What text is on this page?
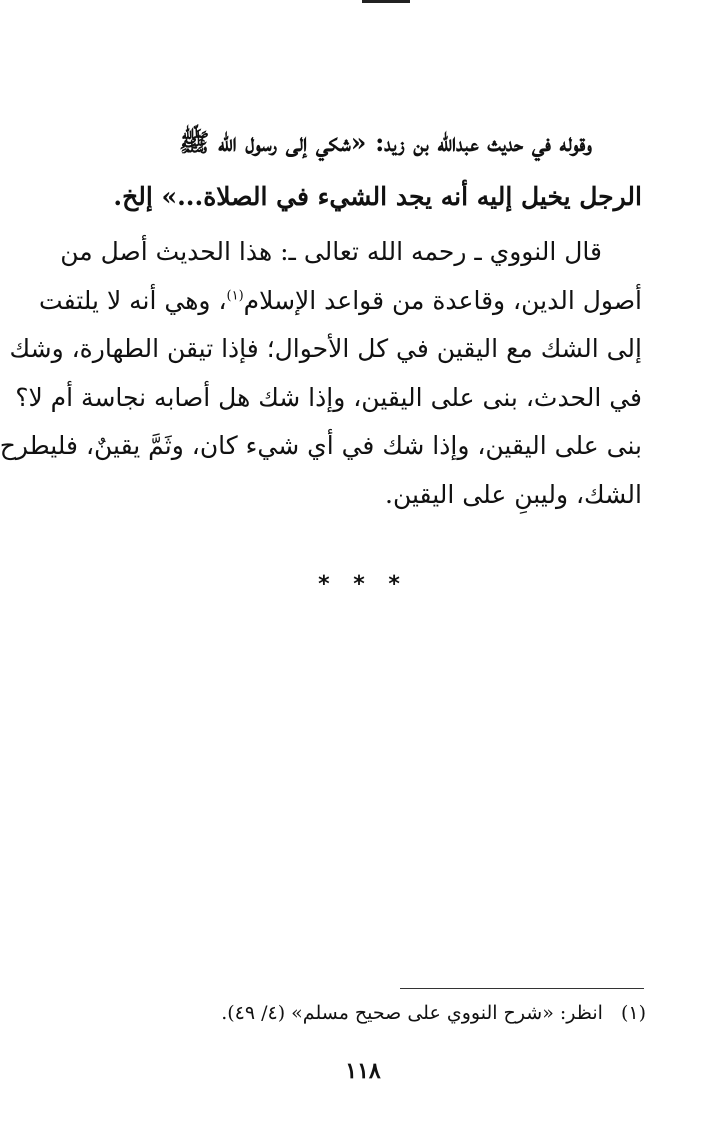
وقوله في حديث عبدالله بن زيد: «شكي إلى رسول الله ﷺ

الرجل يخيل إليه أنه يجد الشيء في الصلاة...» إلخ.

قال النووي ـ رحمه الله تعالى ـ: هذا الحديث أصل من
أصول الدين، وقاعدة من قواعد الإسلام$^{(١)}$، وهي أنه لا يلتفت
إلى الشك مع اليقين في كل الأحوال؛ فإذا تيقن الطهارة، وشك
في الحدث، بنى على اليقين، وإذا شك هل أصابه نجاسة أم لا؟
بنى على اليقين، وإذا شك في أي شيء كان، وثَمَّ يقينٌ، فليطرح
الشك، وليبنِ على اليقين.
* * *
(١)انظر: «شرح النووي على صحيح مسلم» (٤/ ٤٩).
١١٨
